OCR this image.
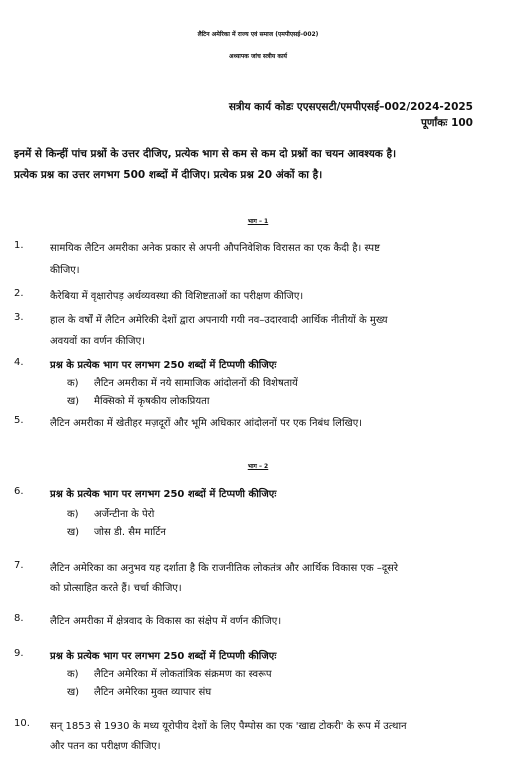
लैटिन अमेरिका में राज्य एवं समाज (एमपीएसई–002)
अध्यापक जांच सत्रीय कार्य
सत्रीय कार्य कोडः एएसएसटी/एमपीएसई–002/2024-2025
पूर्णांकः 100
इनमें से किन्हीं पांच प्रश्नों के उत्तर दीजिए, प्रत्येक भाग से कम से कम दो प्रश्नों का चयन आवश्यक है।
प्रत्येक प्रश्न का उत्तर लगभग 500 शब्दों में दीजिए। प्रत्येक प्रश्न 20 अंकों का है।
भाग – 1
1.	सामयिक लैटिन अमरीका अनेक प्रकार से अपनी औपनिवेशिक विरासत का एक कैदी है। स्पष्ट
कीजिए।
2.	कैरेबिया में वृक्षारोपड़ अर्थव्यवस्था की विशिष्टताओं का परीक्षण कीजिए।
3.	हाल के वर्षों में लैटिन अमेरिकी देशों द्वारा अपनायी गयी नव–उदारवादी आर्थिक नीतीयों के मुख्य
अवयवों का वर्णन कीजिए।
4.	प्रश्न के प्रत्येक भाग पर लगभग 250 शब्दों में टिप्पणी कीजिएः
क) लैटिन अमरीका में नये सामाजिक आंदोलनों की विशेषतायें
ख) मैक्सिको में कृषकीय लोकप्रियता
5.	लैटिन अमरीका में खेतीहर मज़दूरों और भूमि अधिकार आंदोलनों पर एक निबंध लिखिए।
भाग – 2
6.	प्रश्न के प्रत्येक भाग पर लगभग 250 शब्दों में टिप्पणी कीजिएः
क) अर्जेन्टीना के पेरो
ख) जोस डी. सैम मार्टिन
7.	लैटिन अमेरिका का अनुभव यह दर्शाता है कि राजनीतिक लोकतंत्र और आर्थिक विकास एक –दूसरे
को प्रोत्साहित करते हैं। चर्चा कीजिए।
8.	लैटिन अमरीका में क्षेत्रवाद के विकास का संक्षेप में वर्णन कीजिए।
9.	प्रश्न के प्रत्येक भाग पर लगभग 250 शब्दों में टिप्पणी कीजिएः
क) लैटिन अमेरिका में लोकतांत्रिक संक्रमण का स्वरूप
ख) लैटिन अमेरिका मुक्त व्यापार संघ
10. सन् 1853 से 1930 के मध्य यूरोपीय देशों के लिए पैम्पोस का एक 'खाद्य टोकरी' के रूप में उत्थान
और पतन का परीक्षण कीजिए।
